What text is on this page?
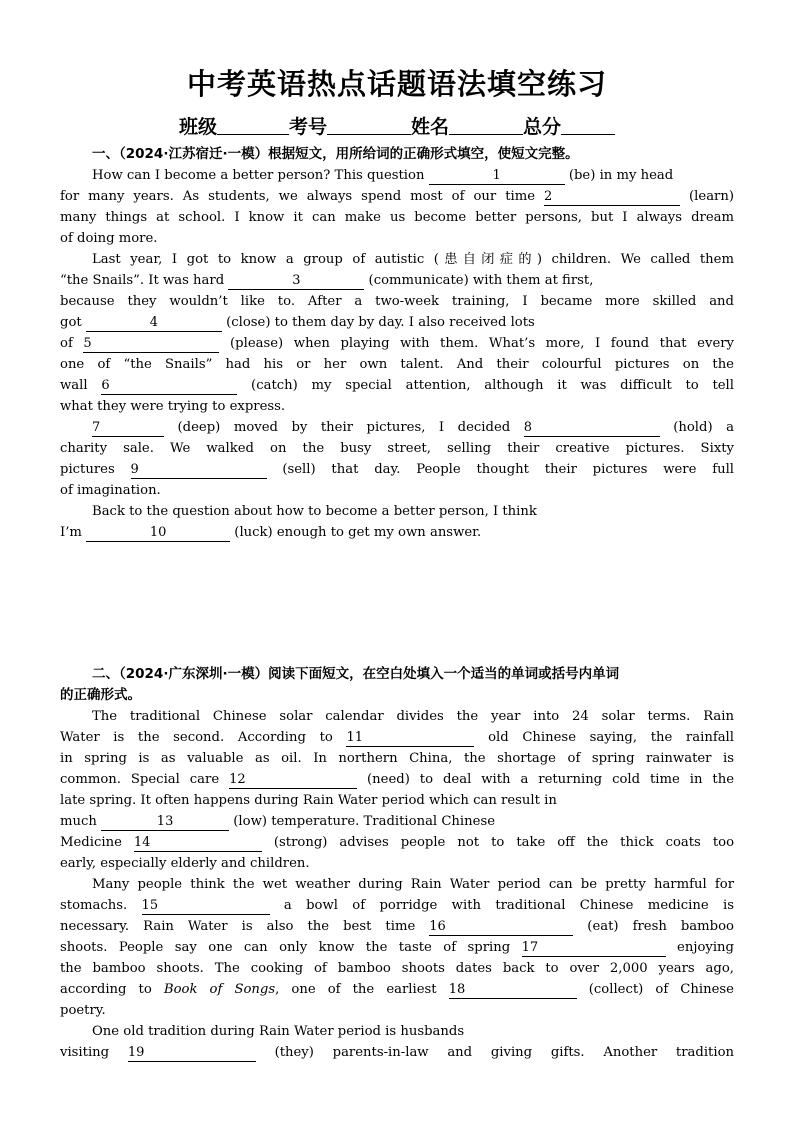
中考英语热点话题语法填空练习
班级	考号	姓名	总分
一、（2024·江苏宿迁·一模）根据短文，用所给词的正确形式填空，使短文完整。
How can I become a better person? This question	1	(be) in my head
for many years. As students, we always spend most of our time 2	(learn)
many things at school. I know it can make us become better persons, but I always dream
of doing more.
Last year, I got to know a group of autistic (患自闭症的) children. We called them
“the Snails”. It was hard	3	(communicate) with them at first,
because they wouldn’t like to. After a two-week training, I became more skilled and
got	4	(close) to them day by day. I also received lots
of 5	(please) when playing with them. What’s more, I found that every
one of “the Snails” had his or her own talent. And their colourful pictures on the
wall 6	(catch) my special attention, although it was difficult to tell
what they were trying to express.
7	(deep) moved by their pictures, I decided 8	(hold) a
charity sale. We walked on the busy street, selling their creative pictures. Sixty
pictures 9	(sell) that day. People thought their pictures were full
of imagination.
Back to the question about how to become a better person, I think
I’m	10	(luck) enough to get my own answer.
二、（2024·广东深圳·一模）阅读下面短文，在空白处填入一个适当的单词或括号内单词
的正确形式。
The traditional Chinese solar calendar divides the year into 24 solar terms. Rain
Water is the second. According to 11	old Chinese saying, the rainfall
in spring is as valuable as oil. In northern China, the shortage of spring rainwater is
common. Special care 12	(need) to deal with a returning cold time in the
late spring. It often happens during Rain Water period which can result in
much	13	(low) temperature. Traditional Chinese
Medicine 14	(strong) advises people not to take off the thick coats too
early, especially elderly and children.
Many people think the wet weather during Rain Water period can be pretty harmful for
stomachs. 15	a bowl of porridge with traditional Chinese medicine is
necessary. Rain Water is also the best time 16	(eat) fresh bamboo
shoots. People say one can only know the taste of spring 17	enjoying
the bamboo shoots. The cooking of bamboo shoots dates back to over 2,000 years ago,
according to Book of Songs, one of the earliest 18	(collect) of Chinese
poetry.
One old tradition during Rain Water period is husbands
visiting 19	(they) parents-in-law and giving gifts. Another tradition
